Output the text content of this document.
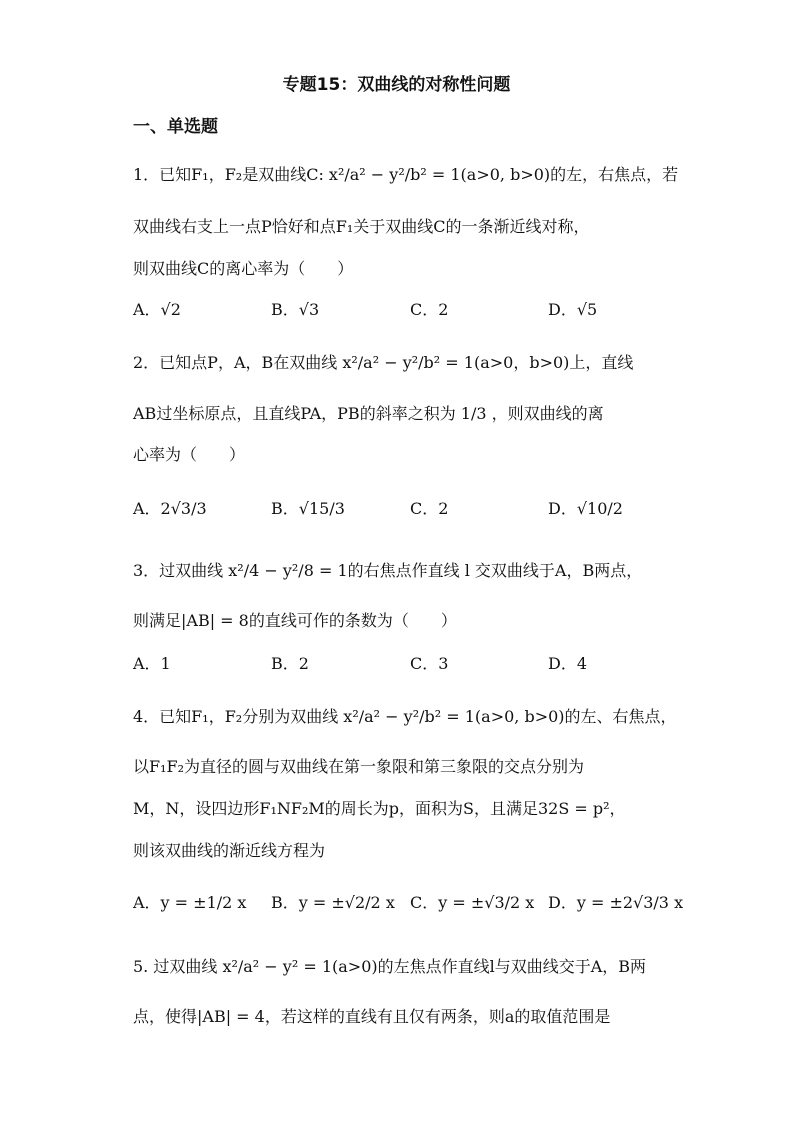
专题15：双曲线的对称性问题
一、单选题
1．已知F₁，F₂是双曲线C: x²/a² − y²/b² = 1(a>0, b>0)的左，右焦点，若
双曲线右支上一点P恰好和点F₁关于双曲线C的一条渐近线对称，
则双曲线C的离心率为（　　）
A．√2	B．√3	C．2	D．√5
2．已知点P，A，B在双曲线 x²/a² − y²/b² = 1(a>0，b>0)上，直线
AB过坐标原点，且直线PA，PB的斜率之积为 1/3 ，则双曲线的离
心率为（　　）
A．2√3/3	B．√15/3	C．2	D．√10/2
3．过双曲线 x²/4 − y²/8 = 1的右焦点作直线 l 交双曲线于A，B两点，
则满足|AB| = 8的直线可作的条数为（　　）
A．1	B．2	C．3	D．4
4．已知F₁，F₂分别为双曲线 x²/a² − y²/b² = 1(a>0, b>0)的左、右焦点，
以F₁F₂为直径的圆与双曲线在第一象限和第三象限的交点分别为
M，N，设四边形F₁NF₂M的周长为p，面积为S，且满足32S = p²，
则该双曲线的渐近线方程为
A．y = ±1/2 x B．y = ±√2/2 x C．y = ±√3/2 x D．y = ±2√3/3 x
5. 过双曲线 x²/a² − y² = 1(a>0)的左焦点作直线l与双曲线交于A，B两
点，使得|AB| = 4，若这样的直线有且仅有两条，则a的取值范围是
